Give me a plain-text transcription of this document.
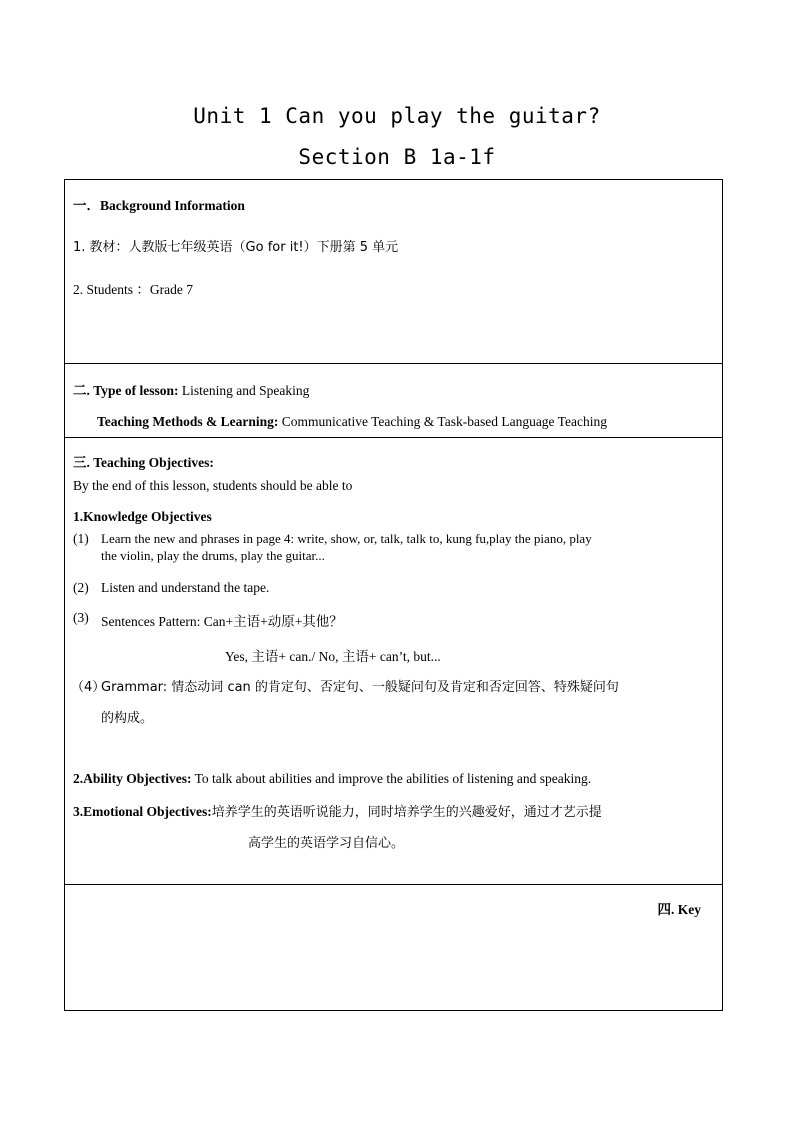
Unit 1 Can you play the guitar?
Section B 1a-1f
一．Background Information
1. 教材：人教版七年级英语（Go for it!）下册第 5 单元
2. Students ：Grade 7
二. Type of lesson: Listening and Speaking
Teaching Methods & Learning: Communicative Teaching & Task-based Language Teaching
三. Teaching Objectives:
By the end of this lesson, students should be able to
1.Knowledge Objectives
(1) Learn the new and phrases in page 4: write, show, or, talk, talk to, kung fu,play the piano, play
the violin, play the drums, play the guitar...
(2) Listen and understand the tape.
(3) Sentences Pattern: Can+主语+动原+其他？
Yes, 主语+ can./ No, 主语+ can’t, but...
（4）
Grammar: 情态动词 can 的肯定句、否定句、一般疑问句及肯定和否定回答、特殊疑问句
的构成。
2.Ability Objectives: To talk about abilities and improve the abilities of listening and speaking.
3.Emotional Objectives:培养学生的英语听说能力，同时培养学生的兴趣爱好，通过才艺示提
高学生的英语学习自信心。
四. Key
